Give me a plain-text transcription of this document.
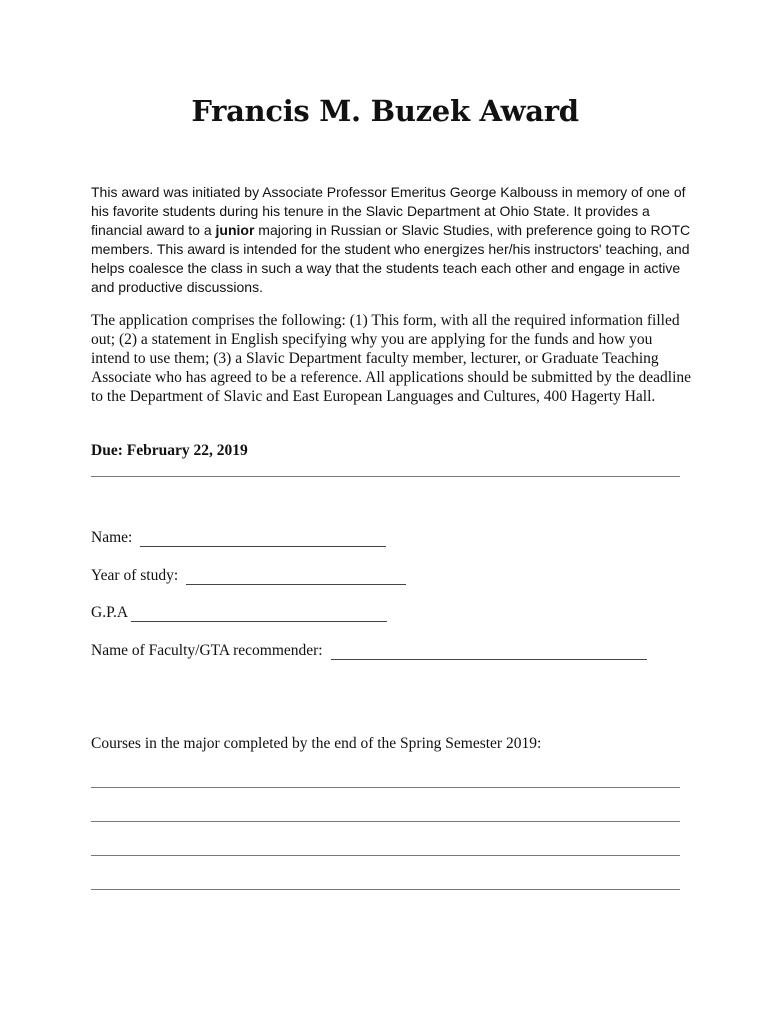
Francis M. Buzek Award

This award was initiated by Associate Professor Emeritus George Kalbouss in memory of one of his favorite students during his tenure in the Slavic Department at Ohio State. It provides a financial award to a junior majoring in Russian or Slavic Studies, with preference going to ROTC members. This award is intended for the student who energizes her/his instructors' teaching, and helps coalesce the class in such a way that the students teach each other and engage in active and productive discussions.

The application comprises the following: (1) This form, with all the required information filled out; (2) a statement in English specifying why you are applying for the funds and how you intend to use them; (3) a Slavic Department faculty member, lecturer, or Graduate Teaching Associate who has agreed to be a reference. All applications should be submitted by the deadline to the Department of Slavic and East European Languages and Cultures, 400 Hagerty Hall.

Due: February 22, 2019

Name:
Year of study:
G.P.A
Name of Faculty/GTA recommender:

Courses in the major completed by the end of the Spring Semester 2019:
